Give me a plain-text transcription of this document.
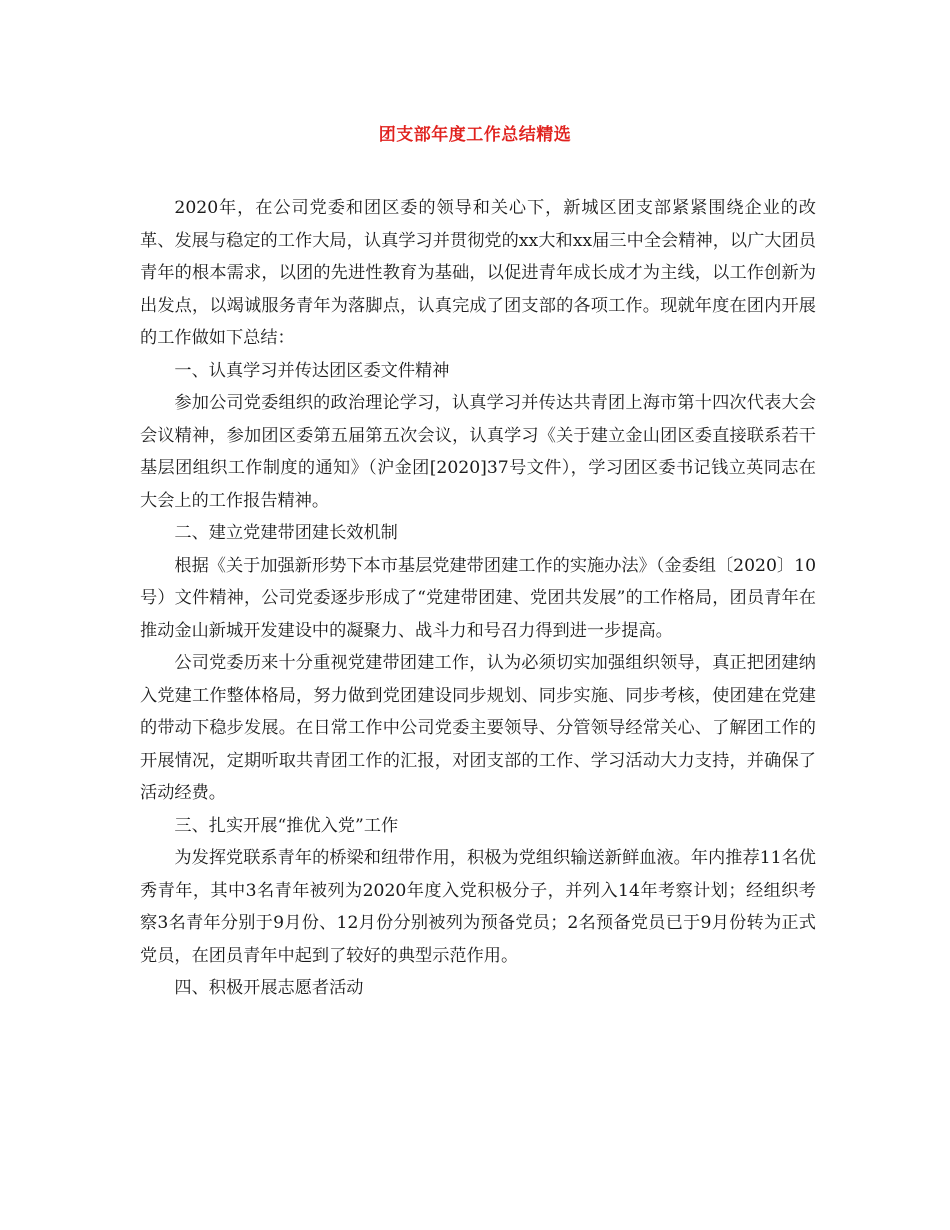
团支部年度工作总结精选

2020年，在公司党委和团区委的领导和关心下，新城区团支部紧紧围绕企业的改革、发展与稳定的工作大局，认真学习并贯彻党的xx大和xx届三中全会精神，以广大团员青年的根本需求，以团的先进性教育为基础，以促进青年成长成才为主线，以工作创新为出发点，以竭诚服务青年为落脚点，认真完成了团支部的各项工作。现就年度在团内开展的工作做如下总结：

一、认真学习并传达团区委文件精神

参加公司党委组织的政治理论学习，认真学习并传达共青团上海市第十四次代表大会会议精神，参加团区委第五届第五次会议，认真学习《关于建立金山团区委直接联系若干基层团组织工作制度的通知》（沪金团[2020]37号文件），学习团区委书记钱立英同志在大会上的工作报告精神。

二、建立党建带团建长效机制

根据《关于加强新形势下本市基层党建带团建工作的实施办法》（金委组〔2020〕10号）文件精神，公司党委逐步形成了“党建带团建、党团共发展”的工作格局，团员青年在推动金山新城开发建设中的凝聚力、战斗力和号召力得到进一步提高。

公司党委历来十分重视党建带团建工作，认为必须切实加强组织领导，真正把团建纳入党建工作整体格局，努力做到党团建设同步规划、同步实施、同步考核，使团建在党建的带动下稳步发展。在日常工作中公司党委主要领导、分管领导经常关心、了解团工作的开展情况，定期听取共青团工作的汇报，对团支部的工作、学习活动大力支持，并确保了活动经费。

三、扎实开展“推优入党”工作

为发挥党联系青年的桥梁和纽带作用，积极为党组织输送新鲜血液。年内推荐11名优秀青年，其中3名青年被列为2020年度入党积极分子，并列入14年考察计划；经组织考察3名青年分别于9月份、12月份分别被列为预备党员；2名预备党员已于9月份转为正式党员，在团员青年中起到了较好的典型示范作用。

四、积极开展志愿者活动
